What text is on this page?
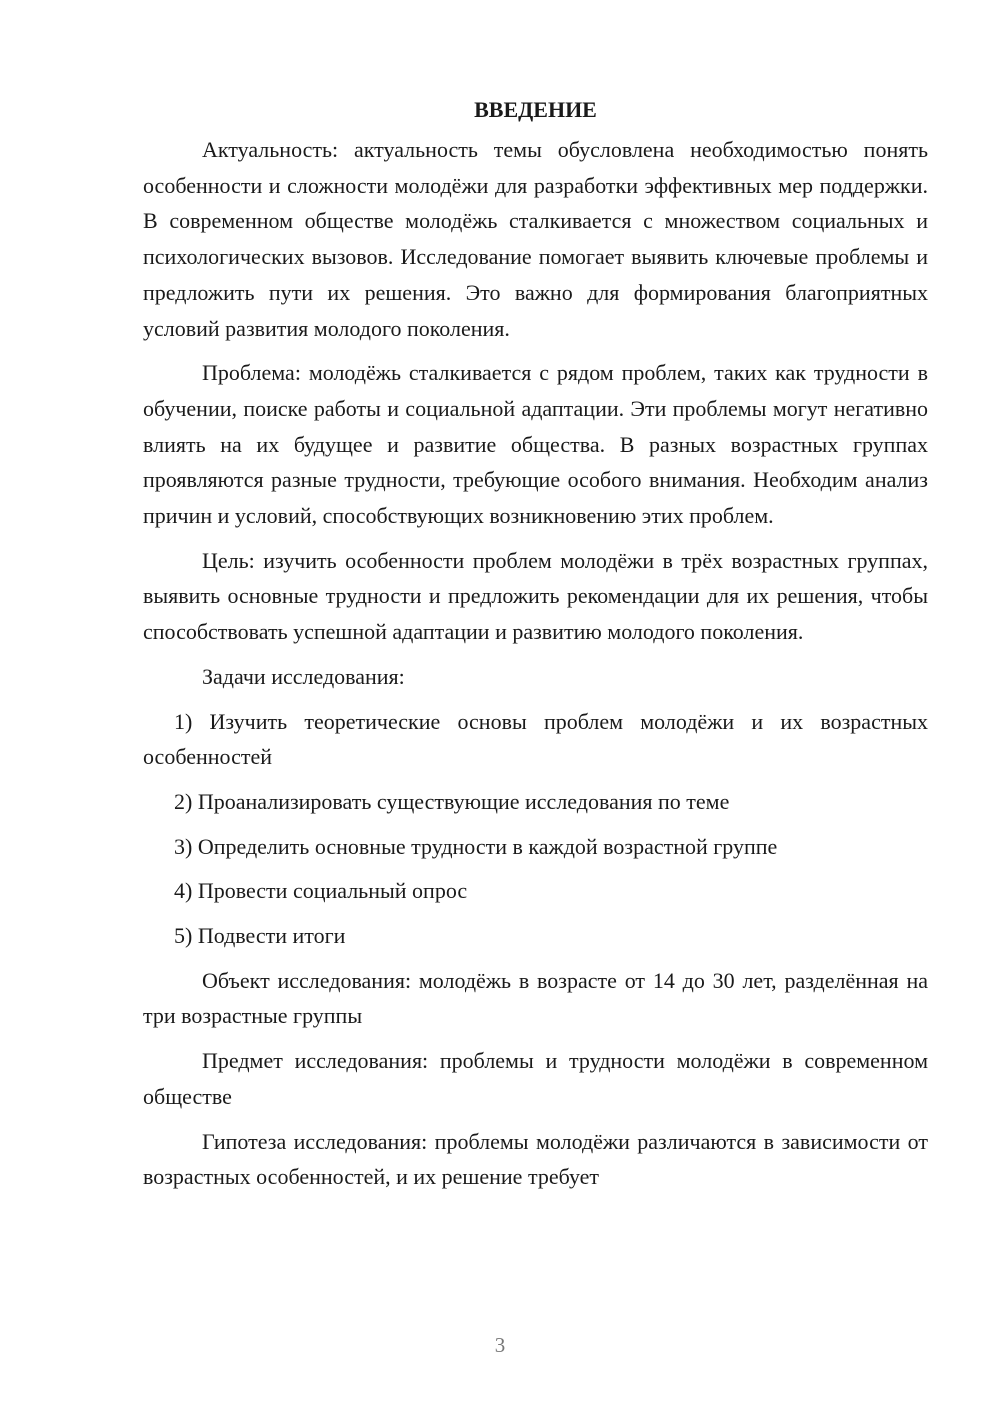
ВВЕДЕНИЕ

Актуальность: актуальность темы обусловлена необходимостью понять особенности и сложности молодёжи для разработки эффективных мер поддержки. В современном обществе молодёжь сталкивается с множеством социальных и психологических вызовов. Исследование помогает выявить ключевые проблемы и предложить пути их решения. Это важно для формирования благоприятных условий развития молодого поколения.

Проблема: молодёжь сталкивается с рядом проблем, таких как трудности в обучении, поиске работы и социальной адаптации. Эти проблемы могут негативно влиять на их будущее и развитие общества. В разных возрастных группах проявляются разные трудности, требующие особого внимания. Необходим анализ причин и условий, способствующих возникновению этих проблем.

Цель: изучить особенности проблем молодёжи в трёх возрастных группах, выявить основные трудности и предложить рекомендации для их решения, чтобы способствовать успешной адаптации и развитию молодого поколения.

Задачи исследования:

1) Изучить теоретические основы проблем молодёжи и их возрастных особенностей

2) Проанализировать существующие исследования по теме

3) Определить основные трудности в каждой возрастной группе

4) Провести социальный опрос

5) Подвести итоги

Объект исследования: молодёжь в возрасте от 14 до 30 лет, разделённая на три возрастные группы

Предмет исследования: проблемы и трудности молодёжи в современном обществе

Гипотеза исследования: проблемы молодёжи различаются в зависимости от возрастных особенностей, и их решение требует

3
